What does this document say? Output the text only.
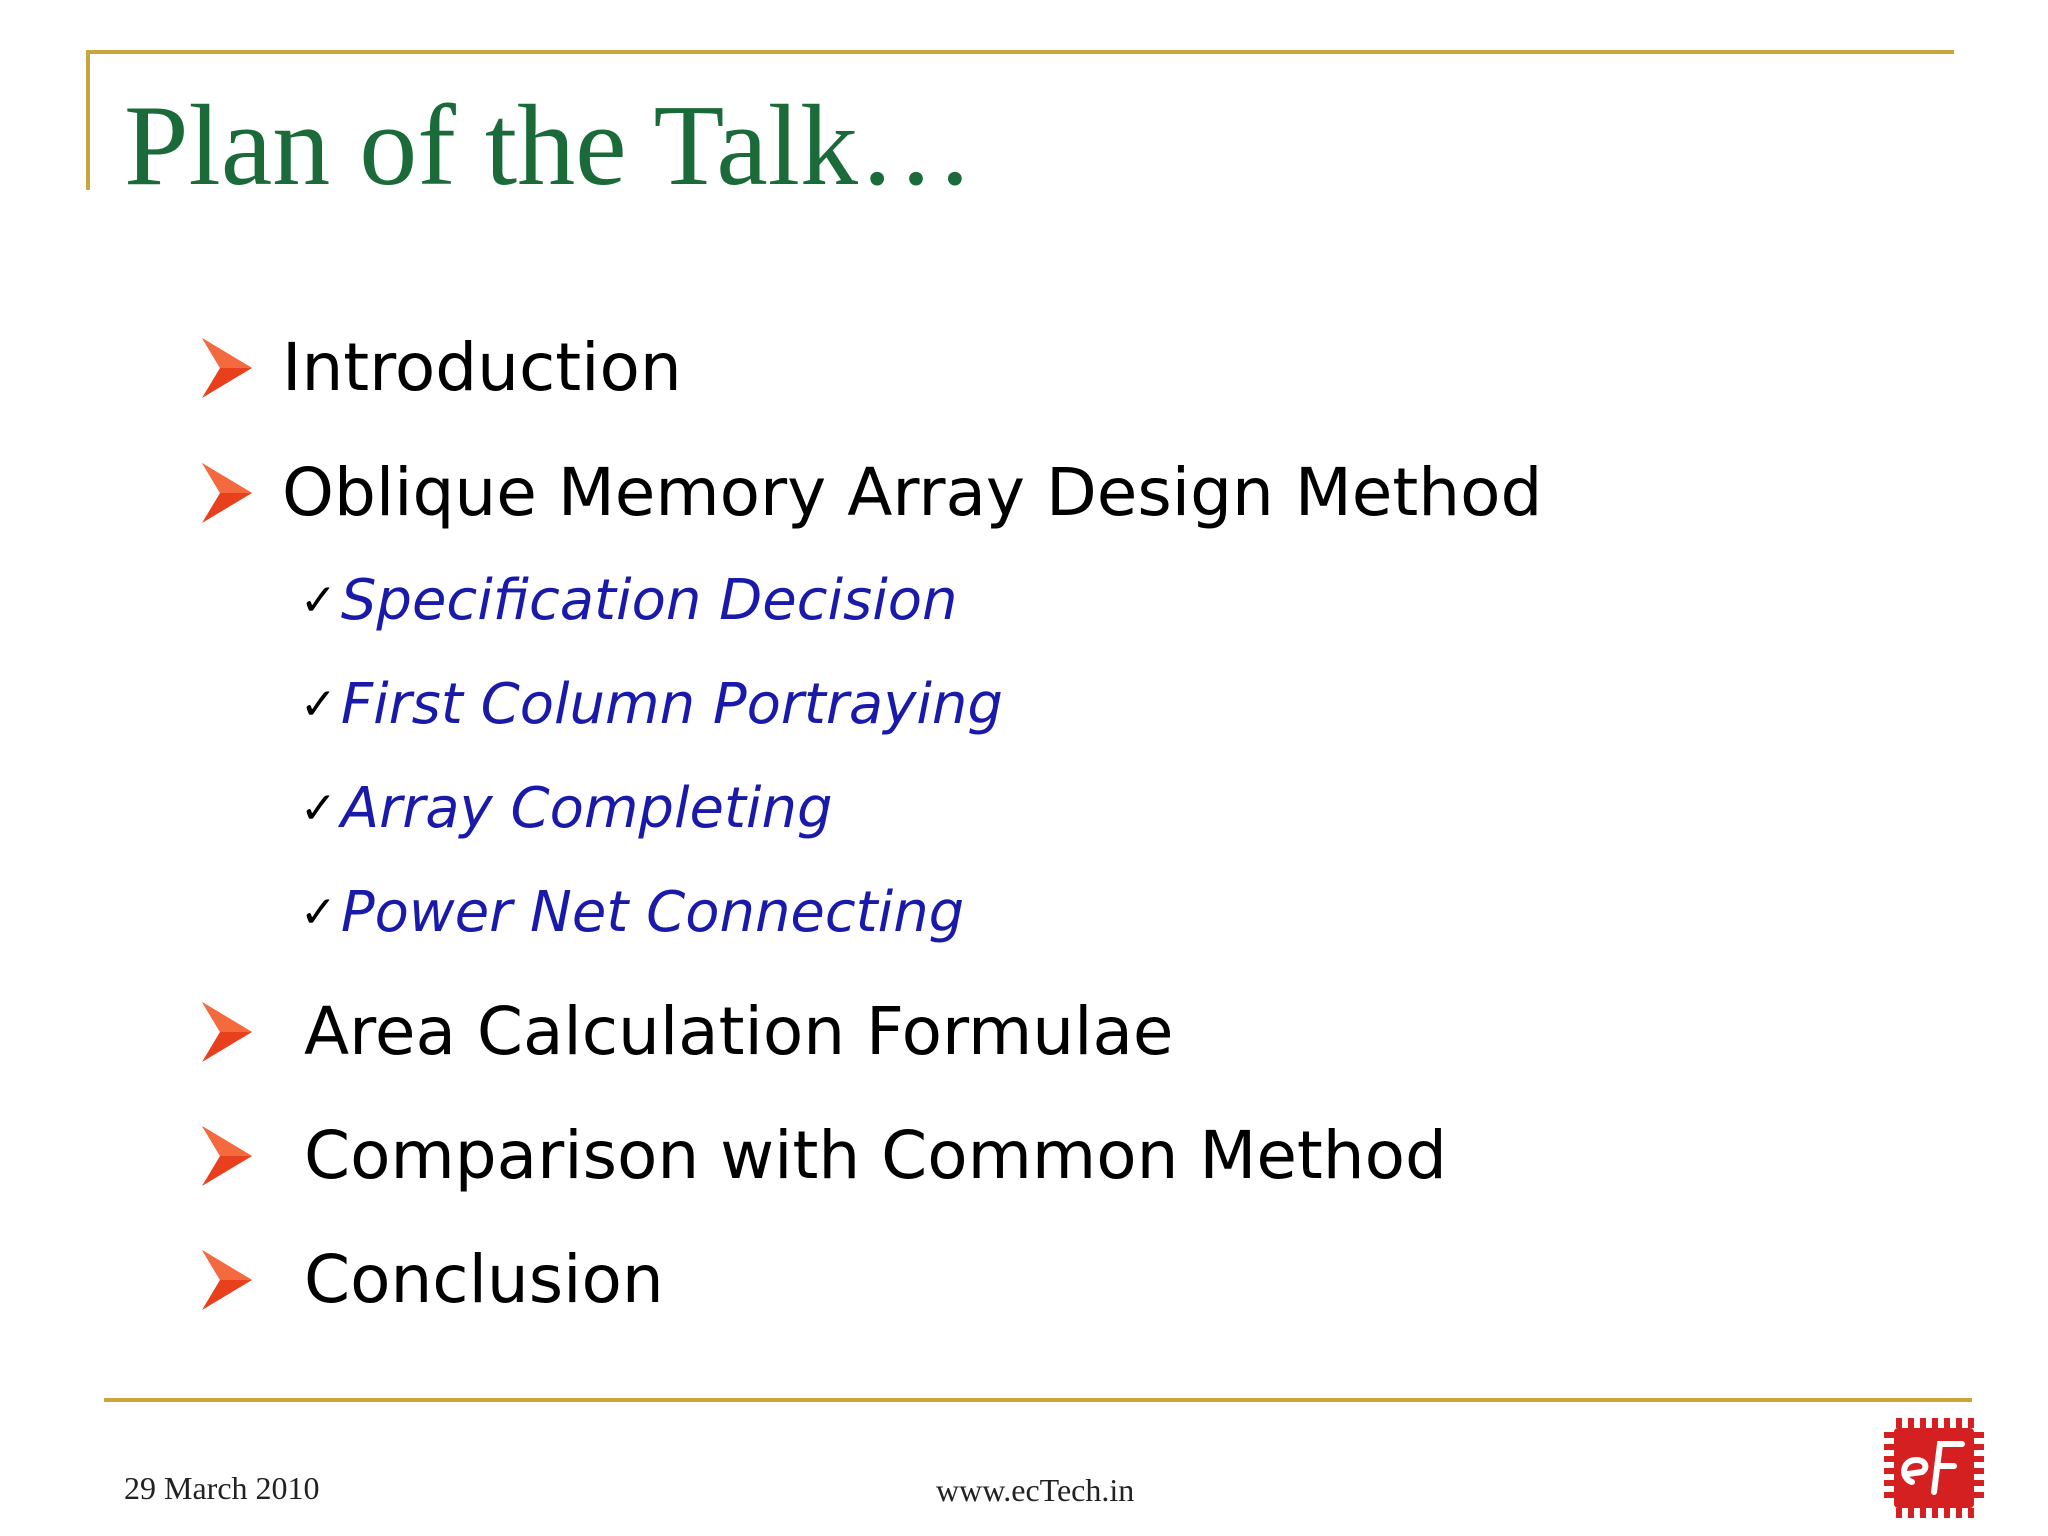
Plan of the Talk…
Introduction
Oblique Memory Array Design Method
✓ Specification Decision
✓ First Column Portraying
✓ Array Completing
✓ Power Net Connecting
Area Calculation Formulae
Comparison with Common Method
Conclusion
29 March 2010	www.ecTech.in
